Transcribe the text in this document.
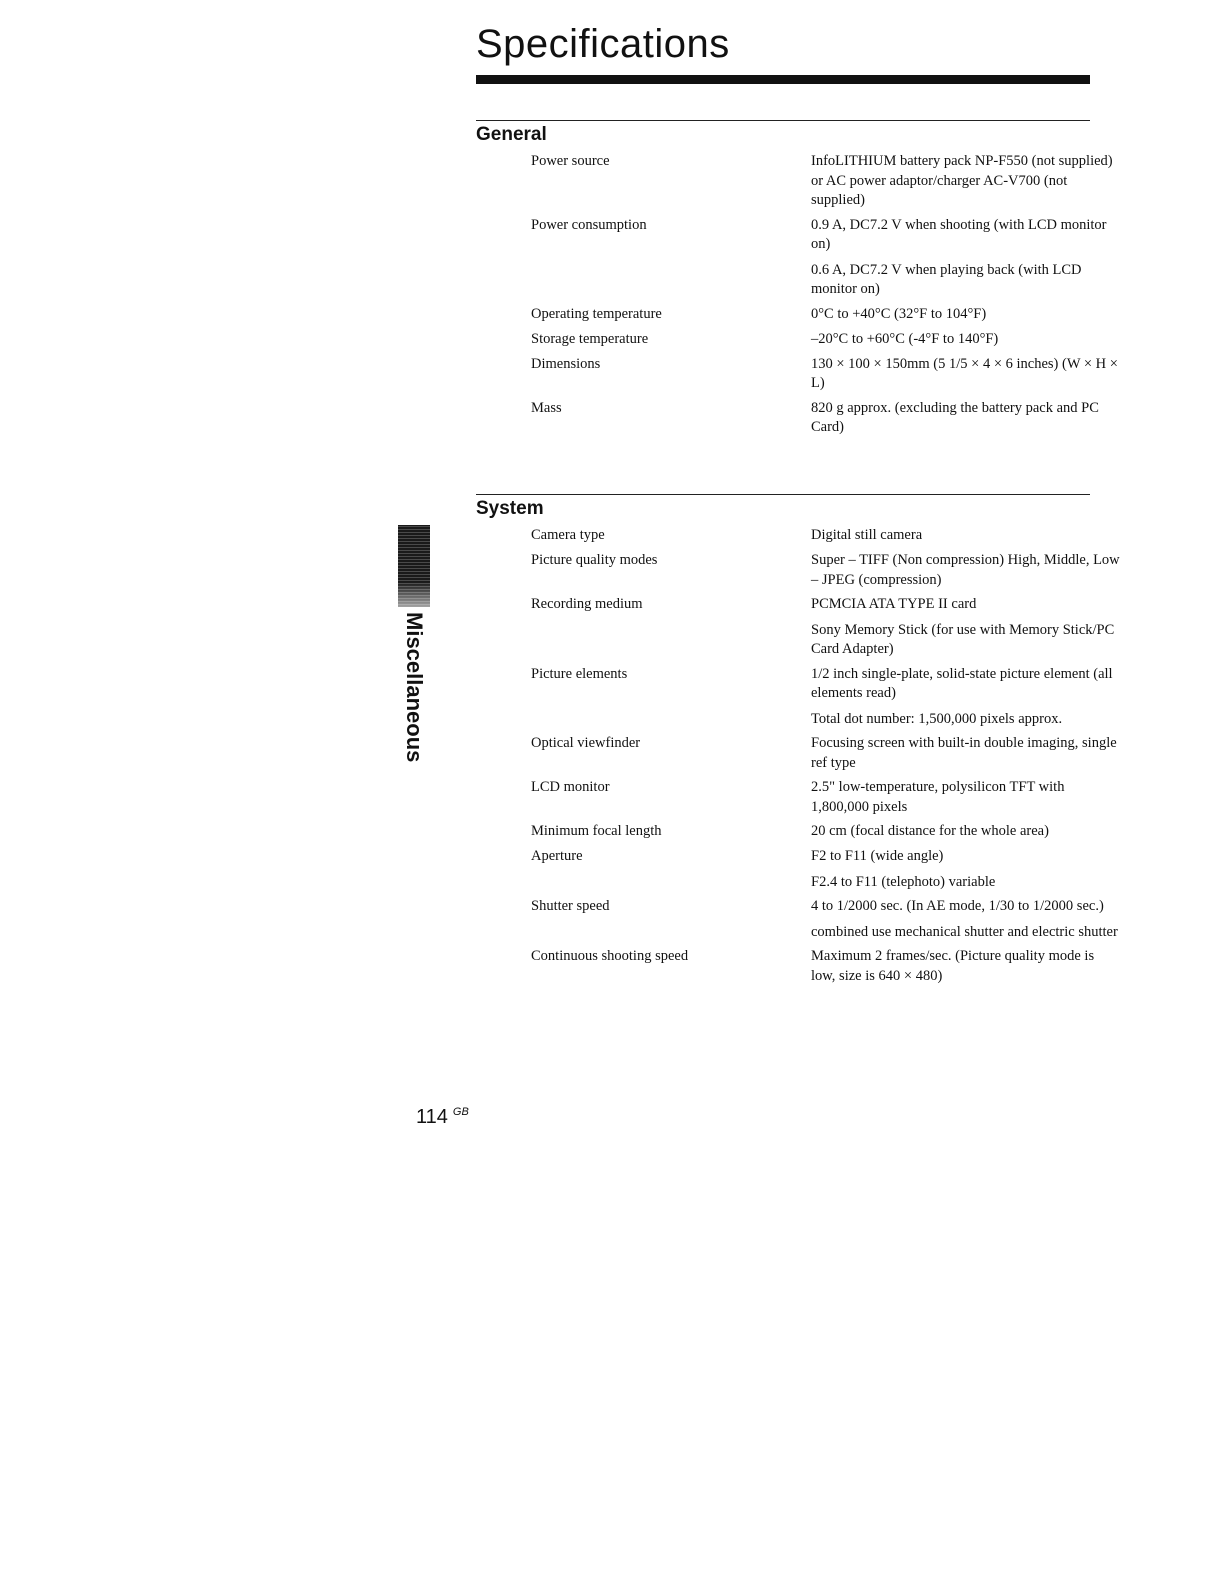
Specifications
General
Power source	InfoLITHIUM battery pack NP-F550 (not supplied) or AC power adaptor/charger AC-V700 (not supplied)
Power consumption	0.9 A, DC7.2 V when shooting (with LCD monitor on)
0.6 A, DC7.2 V when playing back (with LCD monitor on)
Operating temperature	0°C to +40°C (32°F to 104°F)
Storage temperature	–20°C to +60°C (-4°F to 140°F)
Dimensions	130 × 100 × 150mm (5 1/5 × 4 × 6 inches) (W × H × L)
Mass	820 g approx. (excluding the battery pack and PC Card)
System
Camera type	Digital still camera
Picture quality modes	Super – TIFF (Non compression) High, Middle, Low – JPEG (compression)
Recording medium	PCMCIA ATA TYPE II card
Sony Memory Stick (for use with Memory Stick/PC Card Adapter)
Picture elements	1/2 inch single-plate, solid-state picture element (all elements read)
Total dot number: 1,500,000 pixels approx.
Optical viewfinder	Focusing screen with built-in double imaging, single ref type
LCD monitor	2.5" low-temperature, polysilicon TFT with 1,800,000 pixels
Minimum focal length	20 cm (focal distance for the whole area)
Aperture	F2 to F11 (wide angle)
F2.4 to F11 (telephoto) variable
Shutter speed	4 to 1/2000 sec. (In AE mode, 1/30 to 1/2000 sec.)
combined use mechanical shutter and electric shutter
Continuous shooting speed	Maximum 2 frames/sec. (Picture quality mode is low, size is 640 × 480)
Miscellaneous
114 $^{GB}$
